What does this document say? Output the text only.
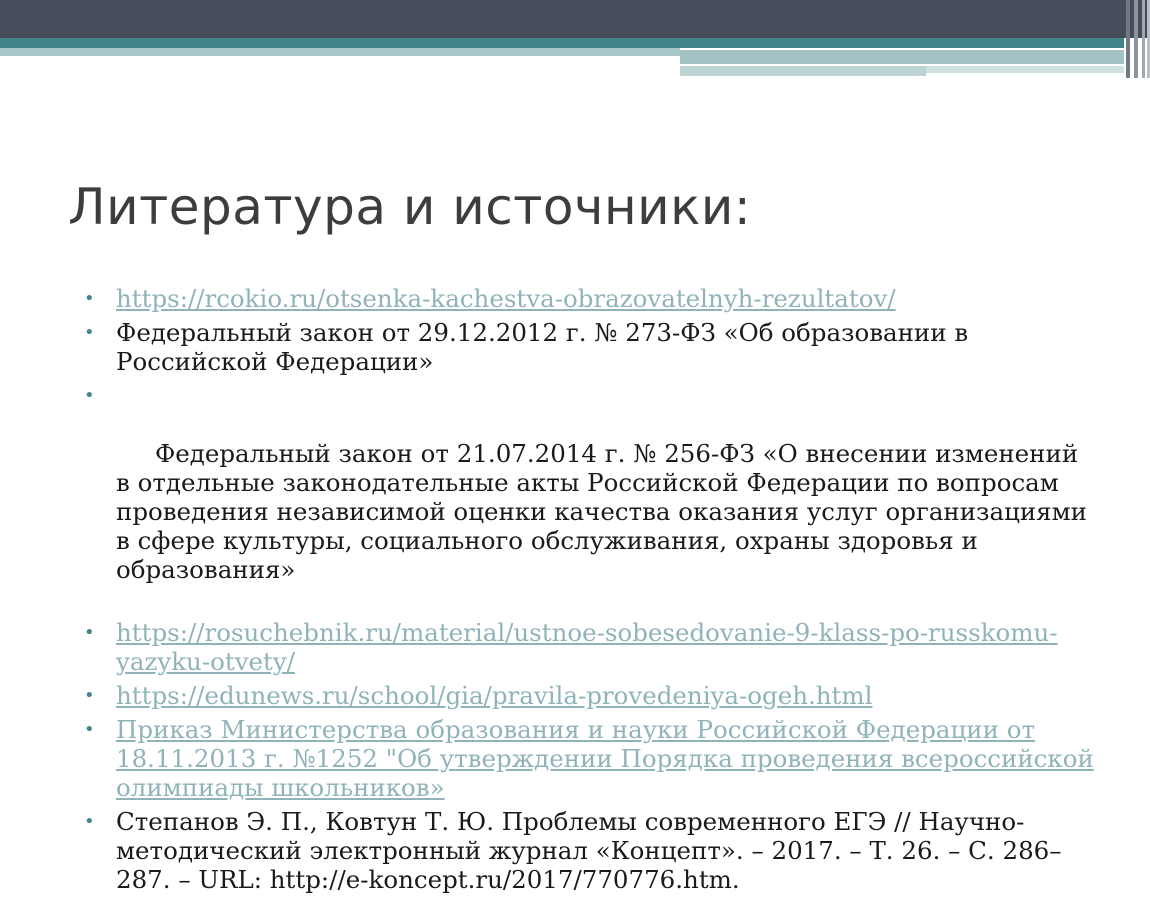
Литература и источники:
• https://rcokio.ru/otsenka-kachestva-obrazovatelnyh-rezultatov/
• Федеральный закон от 29.12.2012 г. № 273-ФЗ «Об образовании в Российской Федерации»

•

Федеральный закон от 21.07.2014 г. № 256-ФЗ «О внесении изменений в отдельные законодательные акты Российской Федерации по вопросам проведения независимой оценки качества оказания услуг организациями в сфере культуры, социального обслуживания, охраны здоровья и образования»

• https://rosuchebnik.ru/material/ustnoe-sobesedovanie-9-klass-po-russkomu-yazyku-otvety/
• https://edunews.ru/school/gia/pravila-provedeniya-ogeh.html
• Приказ Министерства образования и науки Российской Федерации от 18.11.2013 г. №1252 "Об утверждении Порядка проведения всероссийской олимпиады школьников»
• Степанов Э. П., Ковтун Т. Ю. Проблемы современного ЕГЭ // Научно-методический электронный журнал «Концепт». – 2017. – Т. 26. – С. 286–287. – URL: http://e-koncept.ru/2017/770776.htm.
